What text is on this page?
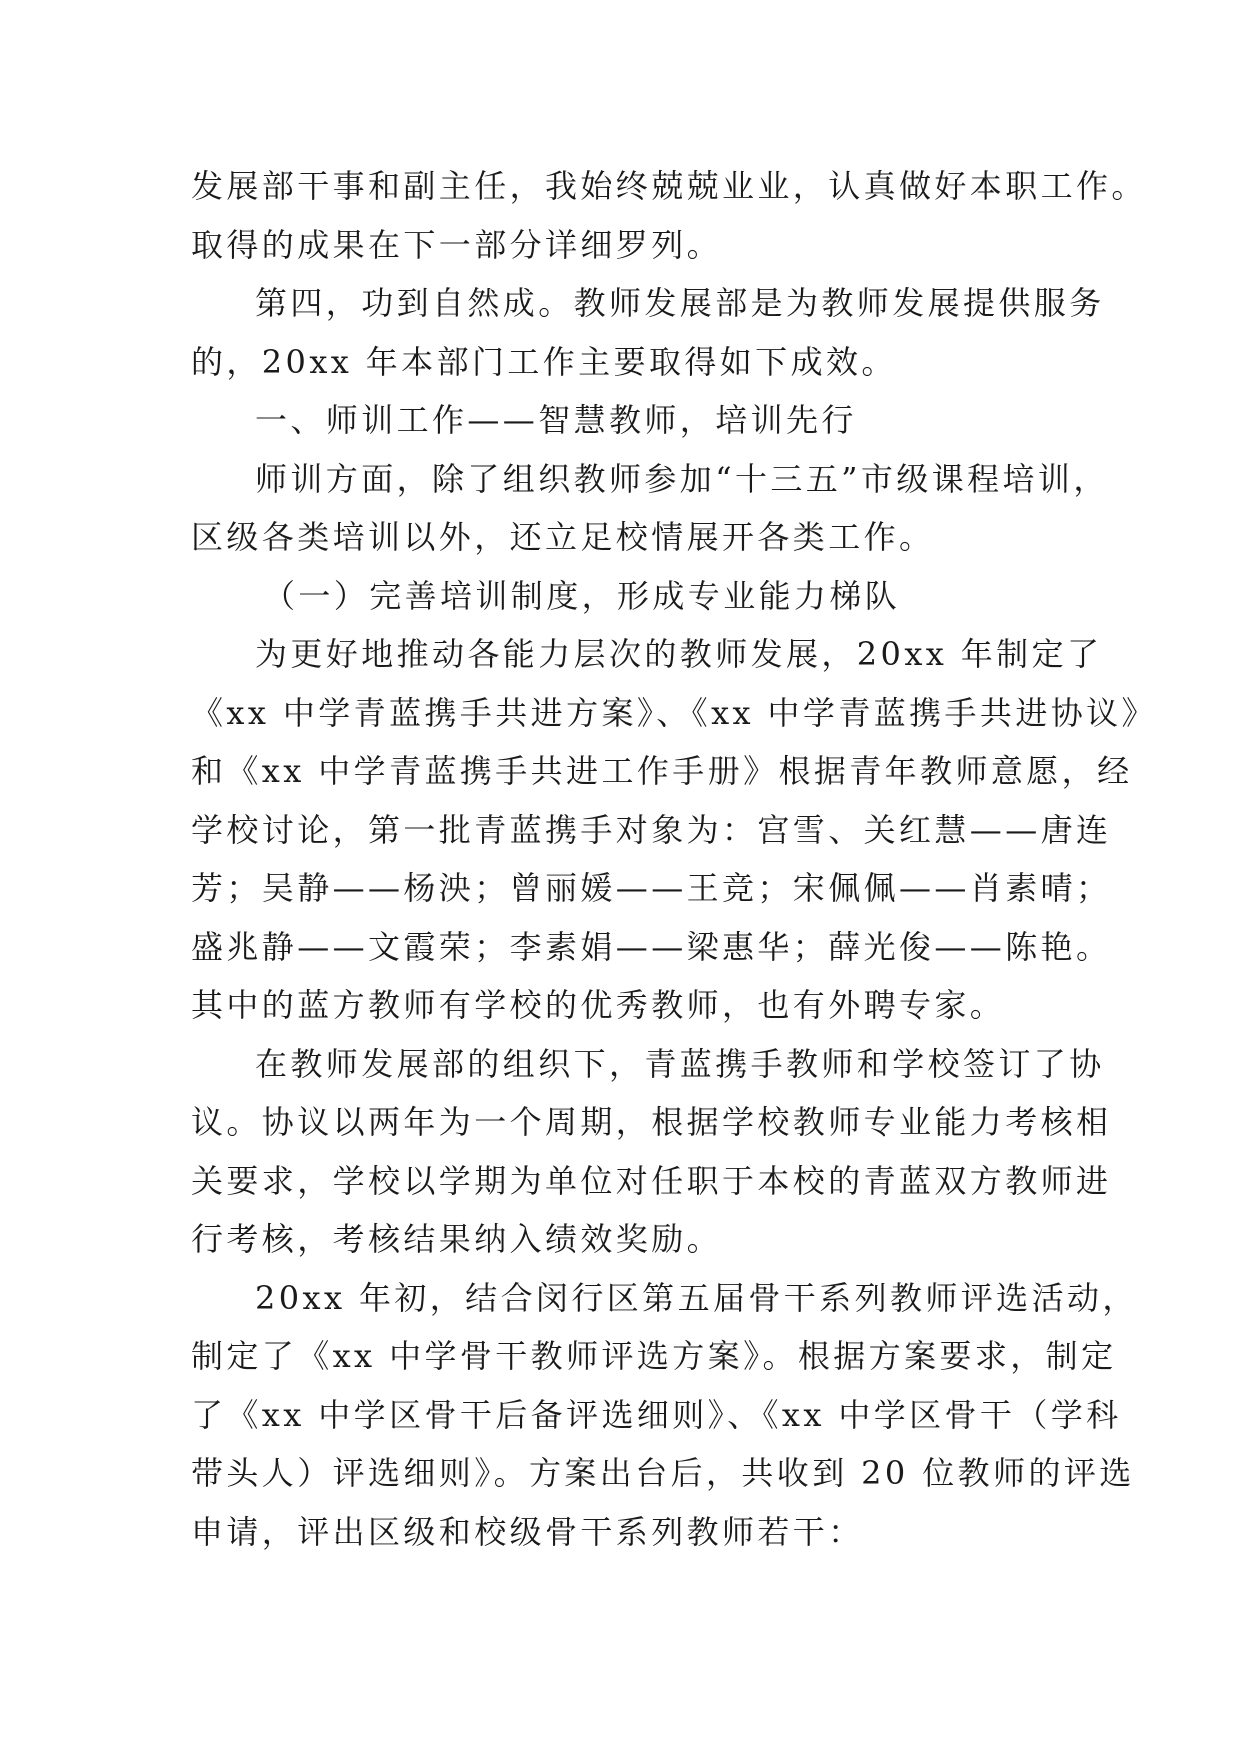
发展部干事和副主任，我始终兢兢业业，认真做好本职工作。
取得的成果在下一部分详细罗列。
第四，功到自然成。教师发展部是为教师发展提供服务
的，20xx 年本部门工作主要取得如下成效。
一、师训工作——智慧教师，培训先行
师训方面，除了组织教师参加“十三五”市级课程培训，
区级各类培训以外，还立足校情展开各类工作。
（一）完善培训制度，形成专业能力梯队
为更好地推动各能力层次的教师发展，20xx 年制定了
《xx 中学青蓝携手共进方案》、《xx 中学青蓝携手共进协议》
和《xx 中学青蓝携手共进工作手册》根据青年教师意愿，经
学校讨论，第一批青蓝携手对象为：宫雪、关红慧——唐连
芳；吴静——杨泱；曾丽媛——王竞；宋佩佩——肖素晴；
盛兆静——文霞荣；李素娟——梁惠华；薛光俊——陈艳。
其中的蓝方教师有学校的优秀教师，也有外聘专家。
在教师发展部的组织下，青蓝携手教师和学校签订了协
议。协议以两年为一个周期，根据学校教师专业能力考核相
关要求，学校以学期为单位对任职于本校的青蓝双方教师进
行考核，考核结果纳入绩效奖励。
20xx 年初，结合闵行区第五届骨干系列教师评选活动，
制定了《xx 中学骨干教师评选方案》。根据方案要求，制定
了《xx 中学区骨干后备评选细则》、《xx 中学区骨干（学科
带头人）评选细则》。方案出台后，共收到 20 位教师的评选
申请，评出区级和校级骨干系列教师若干：
